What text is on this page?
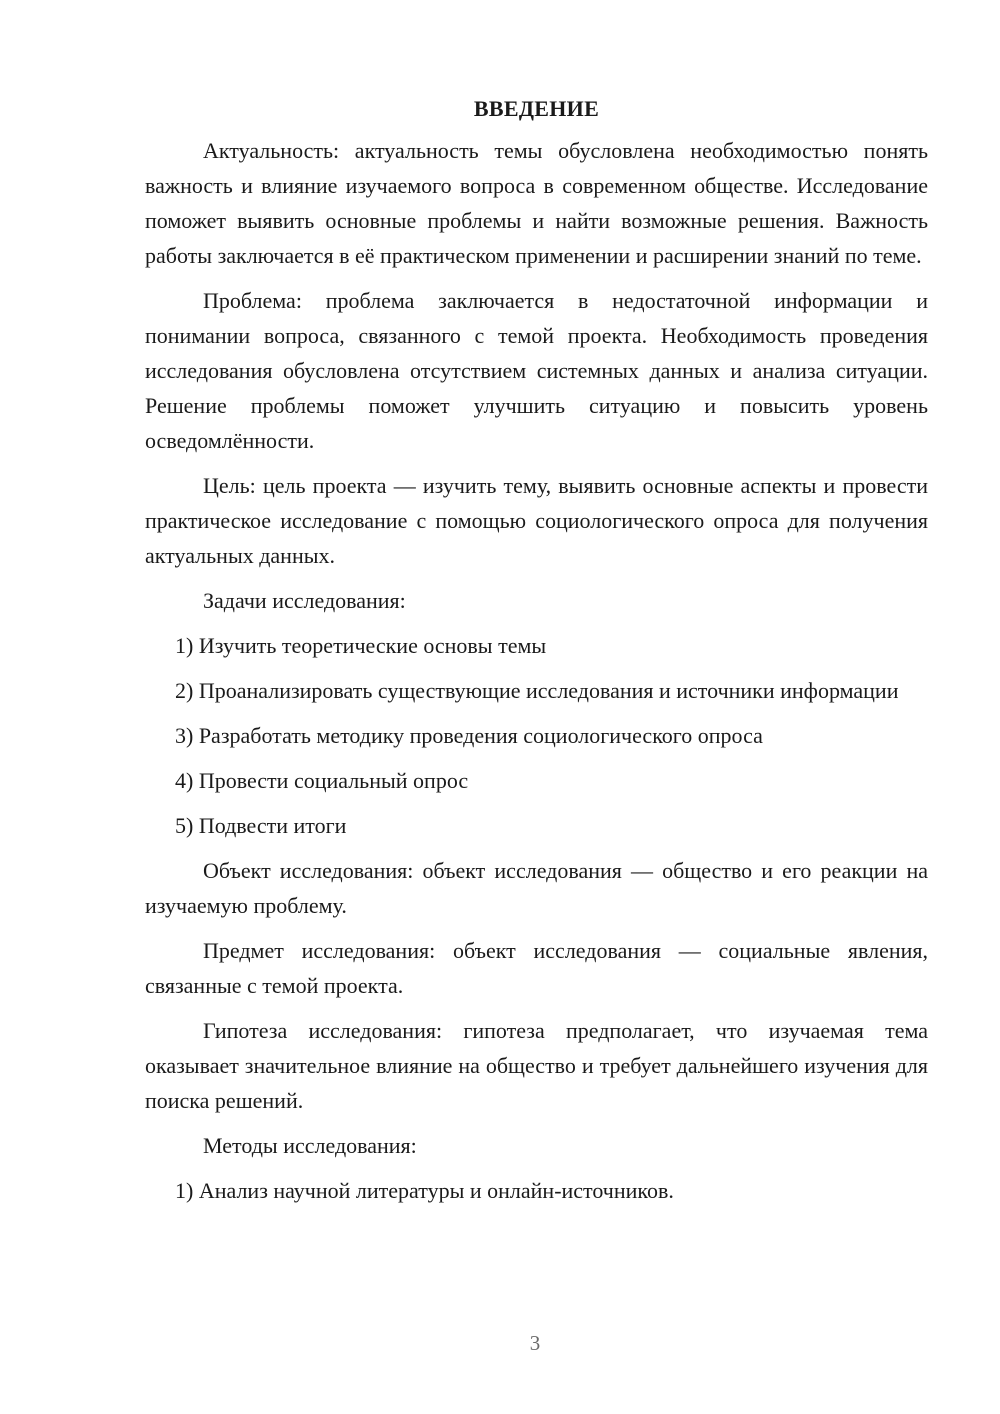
ВВЕДЕНИЕ

Актуальность: актуальность темы обусловлена необходимостью понять важность и влияние изучаемого вопроса в современном обществе. Исследование поможет выявить основные проблемы и найти возможные решения. Важность работы заключается в её практическом применении и расширении знаний по теме.

Проблема: проблема заключается в недостаточной информации и понимании вопроса, связанного с темой проекта. Необходимость проведения исследования обусловлена отсутствием системных данных и анализа ситуации. Решение проблемы поможет улучшить ситуацию и повысить уровень осведомлённости.

Цель: цель проекта — изучить тему, выявить основные аспекты и провести практическое исследование с помощью социологического опроса для получения актуальных данных.

Задачи исследования:

1) Изучить теоретические основы темы

2) Проанализировать существующие исследования и источники информации

3) Разработать методику проведения социологического опроса

4) Провести социальный опрос

5) Подвести итоги

Объект исследования: объект исследования — общество и его реакции на изучаемую проблему.

Предмет исследования: объект исследования — социальные явления, связанные с темой проекта.

Гипотеза исследования: гипотеза предполагает, что изучаемая тема оказывает значительное влияние на общество и требует дальнейшего изучения для поиска решений.

Методы исследования:

1) Анализ научной литературы и онлайн-источников.

3
